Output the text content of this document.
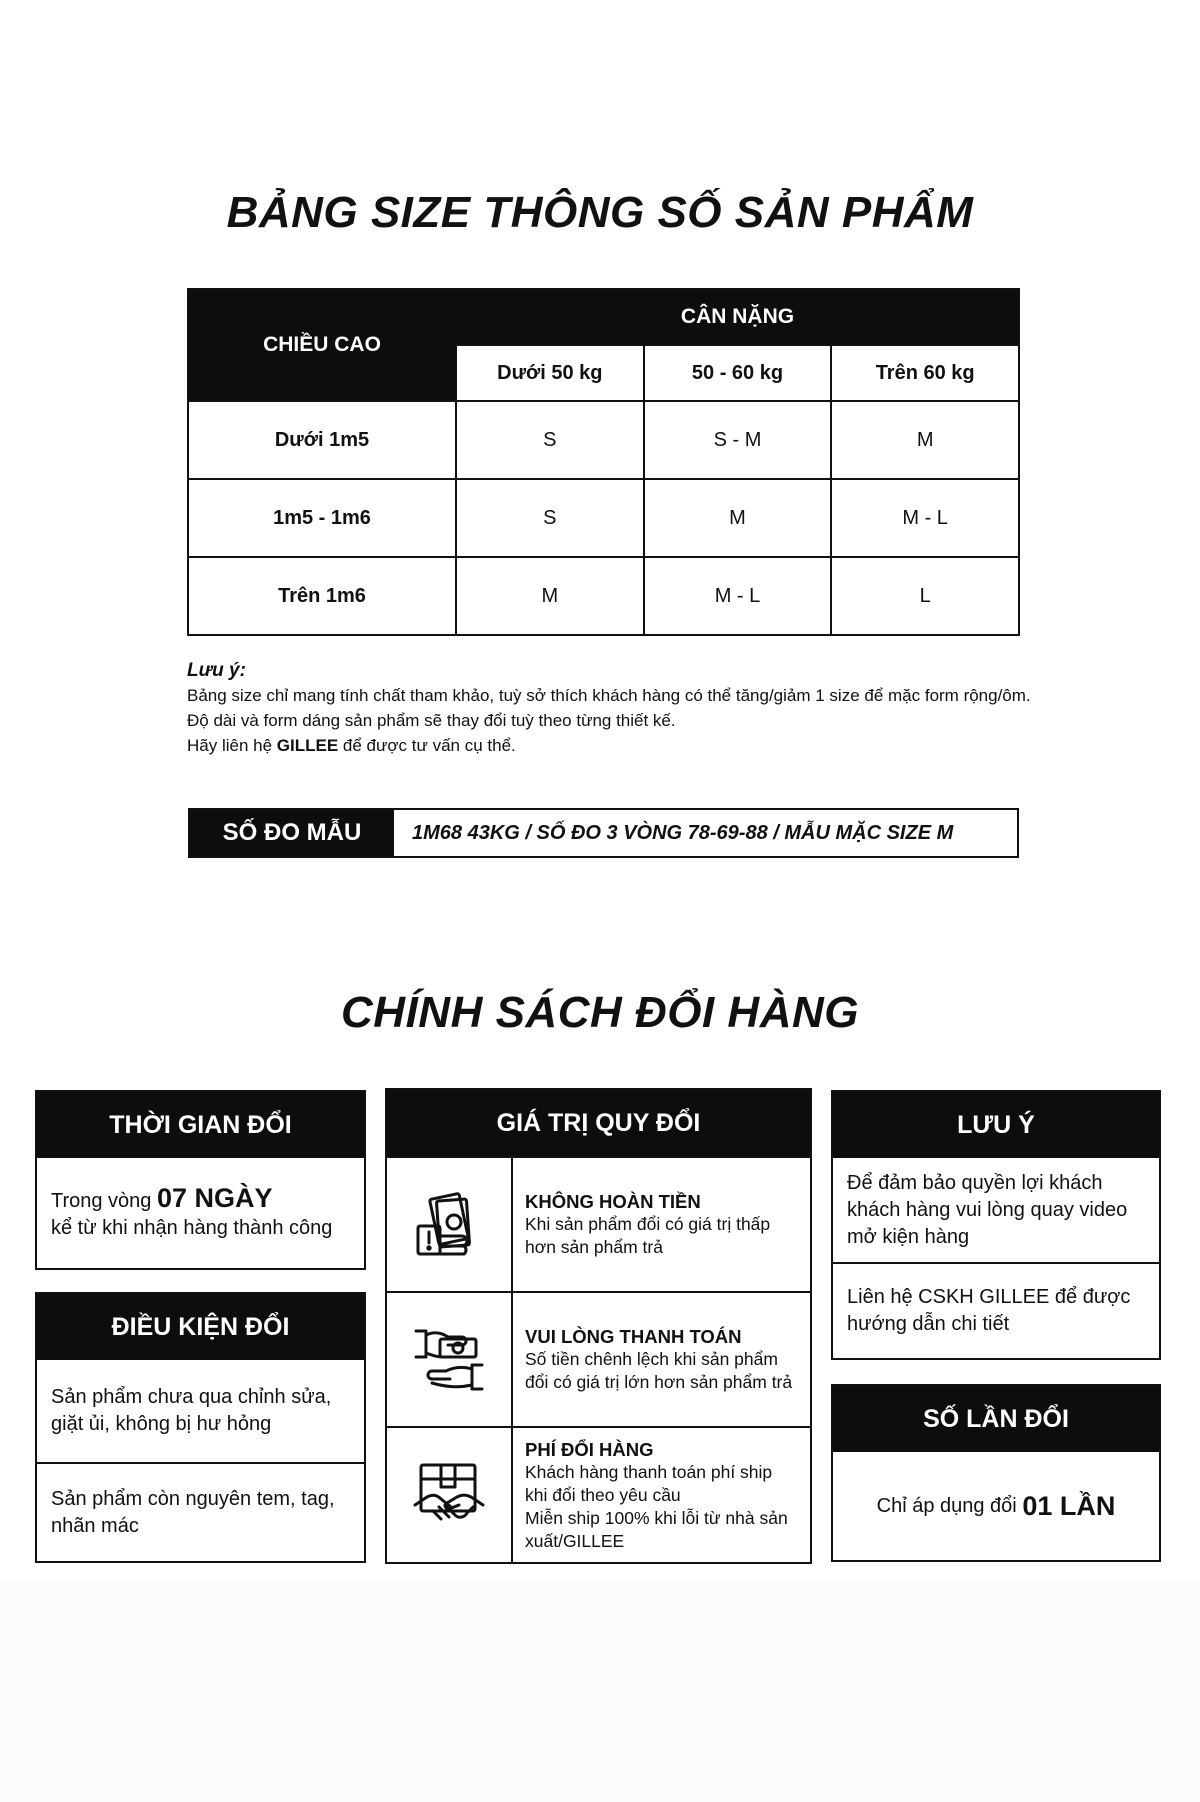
BẢNG SIZE THÔNG SỐ SẢN PHẨM
CHIỀU CAO	CÂN NẶNG		
	Dưới 50 kg	50 - 60 kg	Trên 60 kg
Dưới 1m5	S	S - M	M
1m5 - 1m6	S	M	M - L
Trên 1m6	M	M - L	L
Lưu ý:
Bảng size chỉ mang tính chất tham khảo, tuỳ sở thích khách hàng có thể tăng/giảm 1 size để mặc form rộng/ôm.
Độ dài và form dáng sản phẩm sẽ thay đổi tuỳ theo từng thiết kế.
Hãy liên hệ GILLEE để được tư vấn cụ thể.
SỐ ĐO MẪU	1M68 43KG / SỐ ĐO 3 VÒNG 78-69-88 / MẪU MẶC SIZE M
CHÍNH SÁCH ĐỔI HÀNG
THỜI GIAN ĐỔI
Trong vòng 07 NGÀY
kể từ khi nhận hàng thành công
ĐIỀU KIỆN ĐỔI
Sản phẩm chưa qua chỉnh sửa, giặt ủi, không bị hư hỏng
Sản phẩm còn nguyên tem, tag, nhãn mác
GIÁ TRỊ QUY ĐỔI
KHÔNG HOÀN TIỀN
Khi sản phẩm đổi có giá trị thấp hơn sản phẩm trả
VUI LÒNG THANH TOÁN
Số tiền chênh lệch khi sản phẩm đổi có giá trị lớn hơn sản phẩm trả
PHÍ ĐỔI HÀNG
Khách hàng thanh toán phí ship khi đổi theo yêu cầu
Miễn ship 100% khi lỗi từ nhà sản xuất/GILLEE
LƯU Ý
Để đảm bảo quyền lợi khách khách hàng vui lòng quay video mở kiện hàng
Liên hệ CSKH GILLEE để được hướng dẫn chi tiết
SỐ LẦN ĐỔI
Chỉ áp dụng đổi
01 LẦN
